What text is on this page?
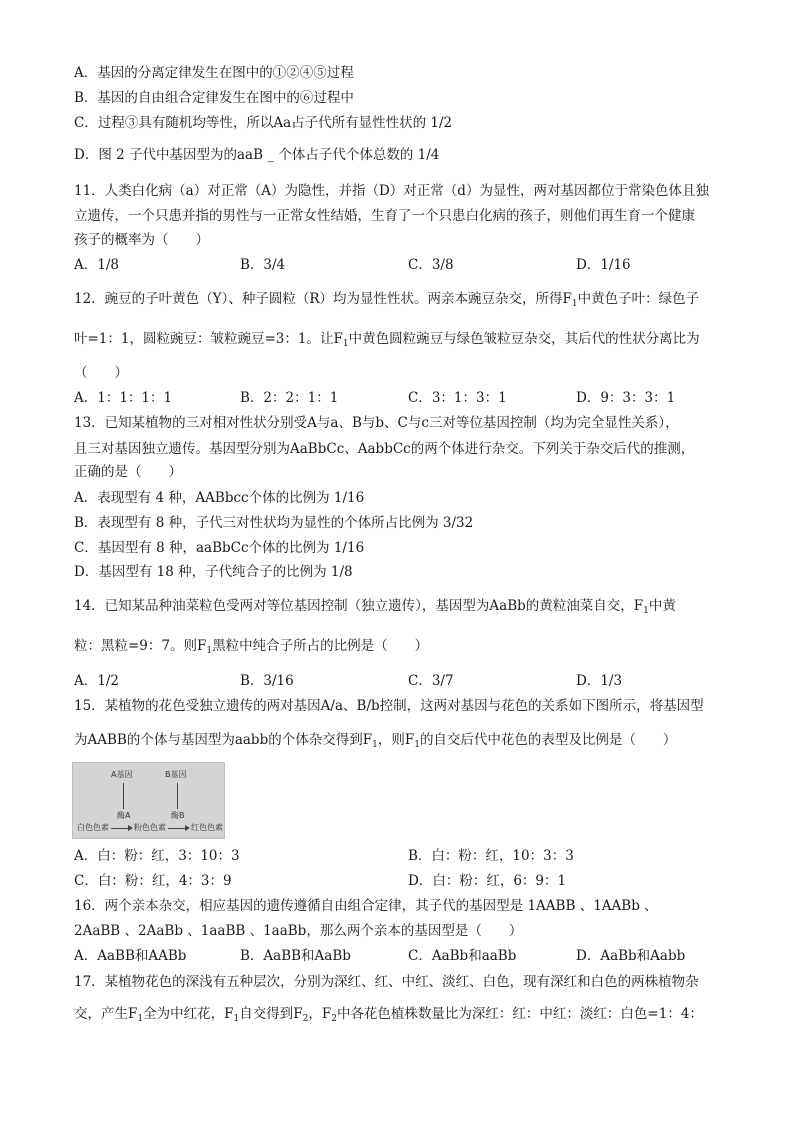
A．基因的分离定律发生在图中的①②④⑤过程
B．基因的自由组合定律发生在图中的⑥过程中
C．过程③具有随机均等性，所以Aa占子代所有显性性状的 1/2
D．图 2 子代中基因型为的aaB _ 个体占子代个体总数的 1/4
11．人类白化病（a）对正常（A）为隐性，并指（D）对正常（d）为显性，两对基因都位于常染色体且独
立遗传，一个只患并指的男性与一正常女性结婚，生育了一个只患白化病的孩子，则他们再生育一个健康
孩子的概率为（　　）
A．1/8	B．3/4	C．3/8	D．1/16
12．豌豆的子叶黄色（Y）、种子圆粒（R）均为显性性状。两亲本豌豆杂交，所得$F_1$中黄色子叶：绿色子
叶=1：1，圆粒豌豆：皱粒豌豆=3：1。让$F_1$中黄色圆粒豌豆与绿色皱粒豆杂交，其后代的性状分离比为
（　　）
A．1：1：1：1	B．2：2：1：1	C．3：1：3：1	D．9：3：3：1
13．已知某植物的三对相对性状分别受A与a、B与b、C与c三对等位基因控制（均为完全显性关系），
且三对基因独立遗传。基因型分别为AaBbCc、AabbCc的两个体进行杂交。下列关于杂交后代的推测，
正确的是（　　）
A．表现型有 4 种，AABbcc个体的比例为 1/16
B．表现型有 8 种，子代三对性状均为显性的个体所占比例为 3/32
C．基因型有 8 种，aaBbCc个体的比例为 1/16
D．基因型有 18 种，子代纯合子的比例为 1/8
14．已知某品种油菜粒色受两对等位基因控制（独立遗传），基因型为AaBb的黄粒油菜自交，$F_1$中黄
粒：黑粒=9：7。则$F_1$黑粒中纯合子所占的比例是（　　）
A．1/2	B．3/16	C．3/7	D．1/3
15．某植物的花色受独立遗传的两对基因A/a、B/b控制，这两对基因与花色的关系如下图所示，将基因型
为AABB的个体与基因型为aabb的个体杂交得到$F_1$，则$F_1$的自交后代中花色的表型及比例是（　　）
A基因	B基因
酶A	酶B
白色色素	粉色色素	红色色素
A．白：粉：红，3：10：3	B．白：粉：红，10：3：3
C．白：粉：红，4：3：9	D．白：粉：红，6：9：1
16．两个亲本杂交，相应基因的遗传遵循自由组合定律，其子代的基因型是 1AABB 、1AABb 、
2AaBB 、2AaBb 、1aaBB 、1aaBb，那么两个亲本的基因型是（　　）
A．AaBB和AABb	B．AaBB和AaBb	C．AaBb和aaBb	D．AaBb和Aabb
17．某植物花色的深浅有五种层次，分别为深红、红、中红、淡红、白色，现有深红和白色的两株植物杂
交，产生$F_1$全为中红花，$F_1$自交得到$F_2$，$F_2$中各花色植株数量比为深红：红：中红：淡红：白色=1：4：
